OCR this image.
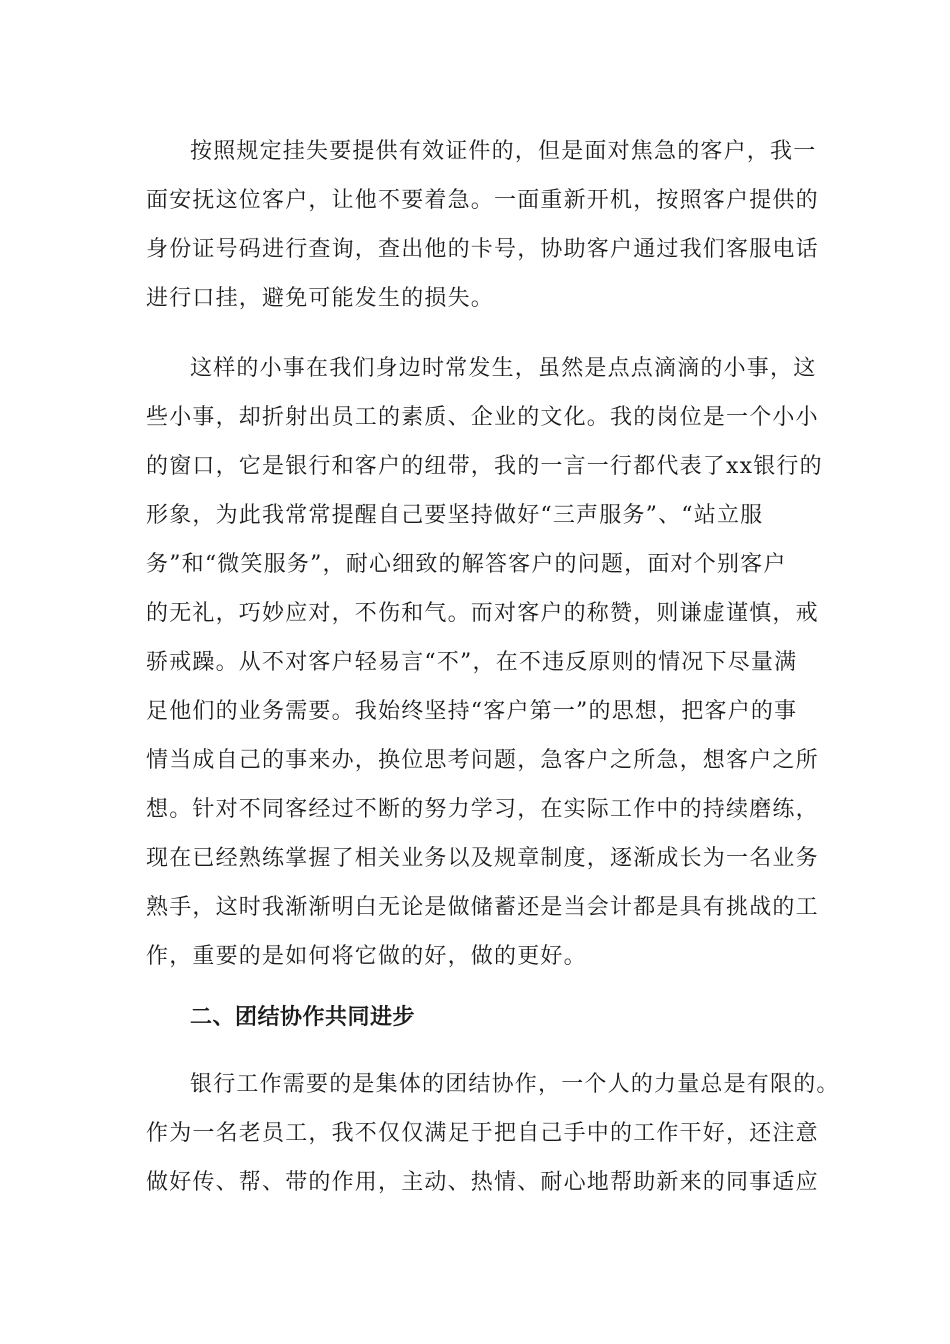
按照规定挂失要提供有效证件的，但是面对焦急的客户，我一

面安抚这位客户，让他不要着急。一面重新开机，按照客户提供的

身份证号码进行查询，查出他的卡号，协助客户通过我们客服电话

进行口挂，避免可能发生的损失。

这样的小事在我们身边时常发生，虽然是点点滴滴的小事，这

些小事，却折射出员工的素质、企业的文化。我的岗位是一个小小

的窗口，它是银行和客户的纽带，我的一言一行都代表了xx银行的

形象，为此我常常提醒自己要坚持做好“三声服务”、“站立服

务”和“微笑服务”，耐心细致的解答客户的问题，面对个别客户

的无礼，巧妙应对，不伤和气。而对客户的称赞，则谦虚谨慎，戒

骄戒躁。从不对客户轻易言“不”，在不违反原则的情况下尽量满

足他们的业务需要。我始终坚持“客户第一”的思想，把客户的事

情当成自己的事来办，换位思考问题，急客户之所急，想客户之所

想。针对不同客经过不断的努力学习，在实际工作中的持续磨练，

现在已经熟练掌握了相关业务以及规章制度，逐渐成长为一名业务

熟手，这时我渐渐明白无论是做储蓄还是当会计都是具有挑战的工

作，重要的是如何将它做的好，做的更好。

二、团结协作共同进步

银行工作需要的是集体的团结协作，一个人的力量总是有限的。

作为一名老员工，我不仅仅满足于把自己手中的工作干好，还注意

做好传、帮、带的作用，主动、热情、耐心地帮助新来的同事适应
